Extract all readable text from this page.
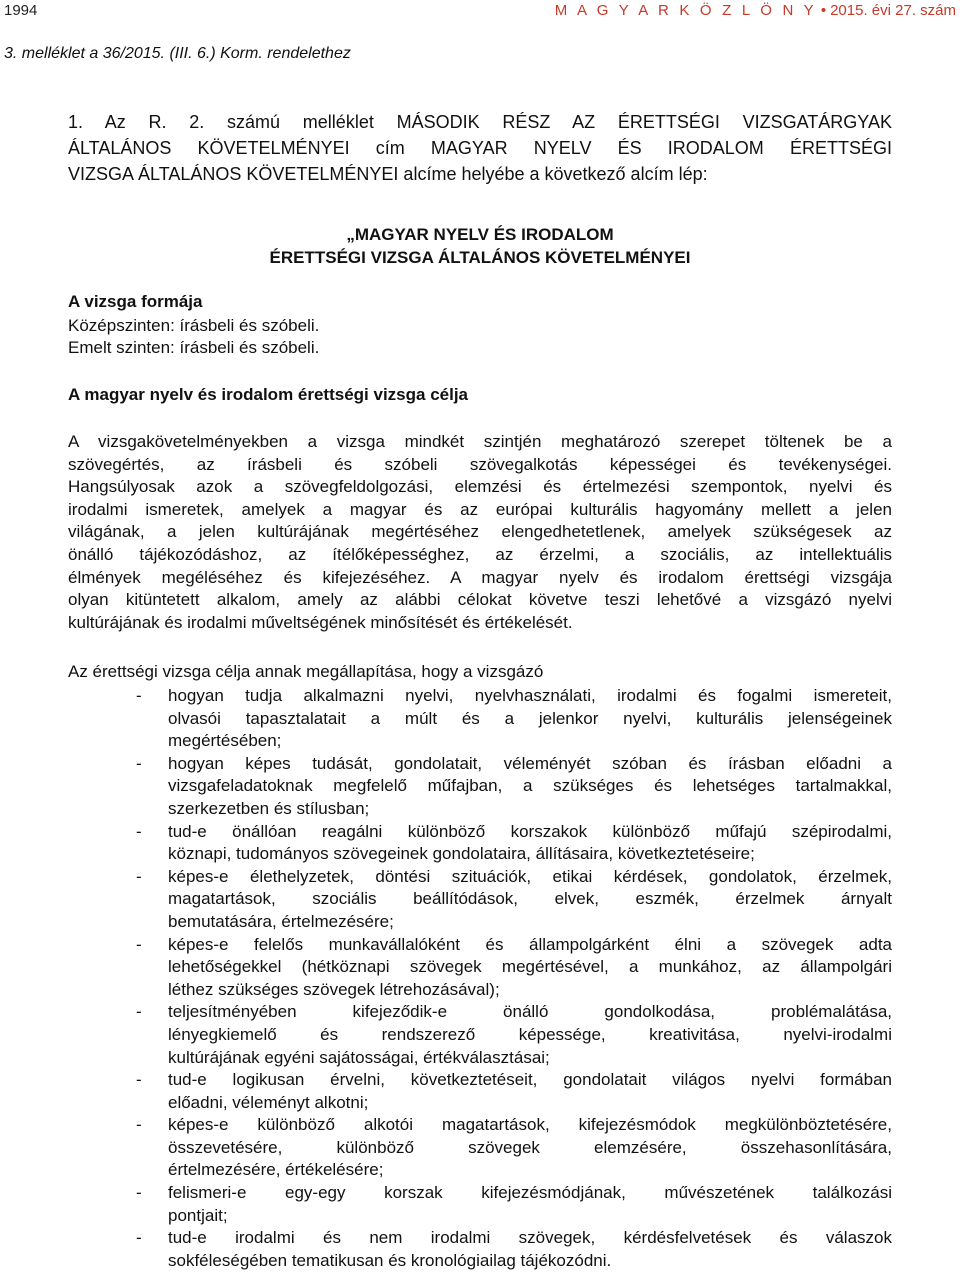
1994	M A G Y A R K Ö Z L Ö N Y • 2015. évi 27. szám
3. melléklet a 36/2015. (III. 6.) Korm. rendelethez
1. Az R. 2. számú melléklet MÁSODIK RÉSZ AZ ÉRETTSÉGI VIZSGATÁRGYAK
ÁLTALÁNOS KÖVETELMÉNYEI cím MAGYAR NYELV ÉS IRODALOM ÉRETTSÉGI
VIZSGA ÁLTALÁNOS KÖVETELMÉNYEI alcíme helyébe a következő alcím lép:
„MAGYAR NYELV ÉS IRODALOM
ÉRETTSÉGI VIZSGA ÁLTALÁNOS KÖVETELMÉNYEI
A vizsga formája
Középszinten: írásbeli és szóbeli.
Emelt szinten: írásbeli és szóbeli.
A magyar nyelv és irodalom érettségi vizsga célja
A vizsgakövetelményekben a vizsga mindkét szintjén meghatározó szerepet töltenek be a
szövegértés, az írásbeli és szóbeli szövegalkotás képességei és tevékenységei.
Hangsúlyosak azok a szövegfeldolgozási, elemzési és értelmezési szempontok, nyelvi és
irodalmi ismeretek, amelyek a magyar és az európai kulturális hagyomány mellett a jelen
világának, a jelen kultúrájának megértéséhez elengedhetetlenek, amelyek szükségesek az
önálló tájékozódáshoz, az ítélőképességhez, az érzelmi, a szociális, az intellektuális
élmények megéléséhez és kifejezéséhez. A magyar nyelv és irodalom érettségi vizsgája
olyan kitüntetett alkalom, amely az alábbi célokat követve teszi lehetővé a vizsgázó nyelvi
kultúrájának és irodalmi műveltségének minősítését és értékelését.
Az érettségi vizsga célja annak megállapítása, hogy a vizsgázó
- hogyan tudja alkalmazni nyelvi, nyelvhasználati, irodalmi és fogalmi ismereteit,
olvasói tapasztalatait a múlt és a jelenkor nyelvi, kulturális jelenségeinek
megértésében;
- hogyan képes tudását, gondolatait, véleményét szóban és írásban előadni a
vizsgafeladatoknak megfelelő műfajban, a szükséges és lehetséges tartalmakkal,
szerkezetben és stílusban;
- tud-e önállóan reagálni különböző korszakok különböző műfajú szépirodalmi,
köznapi, tudományos szövegeinek gondolataira, állításaira, következtetéseire;
- képes-e élethelyzetek, döntési szituációk, etikai kérdések, gondolatok, érzelmek,
magatartások, szociális beállítódások, elvek, eszmék, érzelmek árnyalt
bemutatására, értelmezésére;
- képes-e felelős munkavállalóként és állampolgárként élni a szövegek adta
lehetőségekkel (hétköznapi szövegek megértésével, a munkához, az állampolgári
léthez szükséges szövegek létrehozásával);
- teljesítményében kifejeződik-e önálló gondolkodása, problémalátása,
lényegkiemelő és rendszerező képessége, kreativitása, nyelvi-irodalmi
kultúrájának egyéni sajátosságai, értékválasztásai;
- tud-e logikusan érvelni, következtetéseit, gondolatait világos nyelvi formában
előadni, véleményt alkotni;
- képes-e különböző alkotói magatartások, kifejezésmódok megkülönböztetésére,
összevetésére, különböző szövegek elemzésére, összehasonlítására,
értelmezésére, értékelésére;
- felismeri-e egy-egy korszak kifejezésmódjának, művészetének találkozási
pontjait;
- tud-e irodalmi és nem irodalmi szövegek, kérdésfelvetések és válaszok
sokféleségében tematikusan és kronológiailag tájékozódni.
